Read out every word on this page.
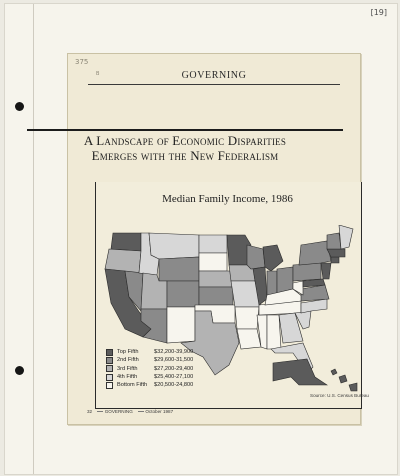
[19]
375
B	GOVERNING
A Landscape of Economic Disparities
Emerges with the New Federalism
Median Family Income, 1986
Top Fifth	$32,200-39,900
2nd Fifth	$29,600-31,500
3rd Fifth	$27,200-29,400
4th Fifth	$25,400-27,100
Bottom Fifth	$20,500-24,800
Source: U.S. Census Bureau
32	GOVERNING	October 1987
